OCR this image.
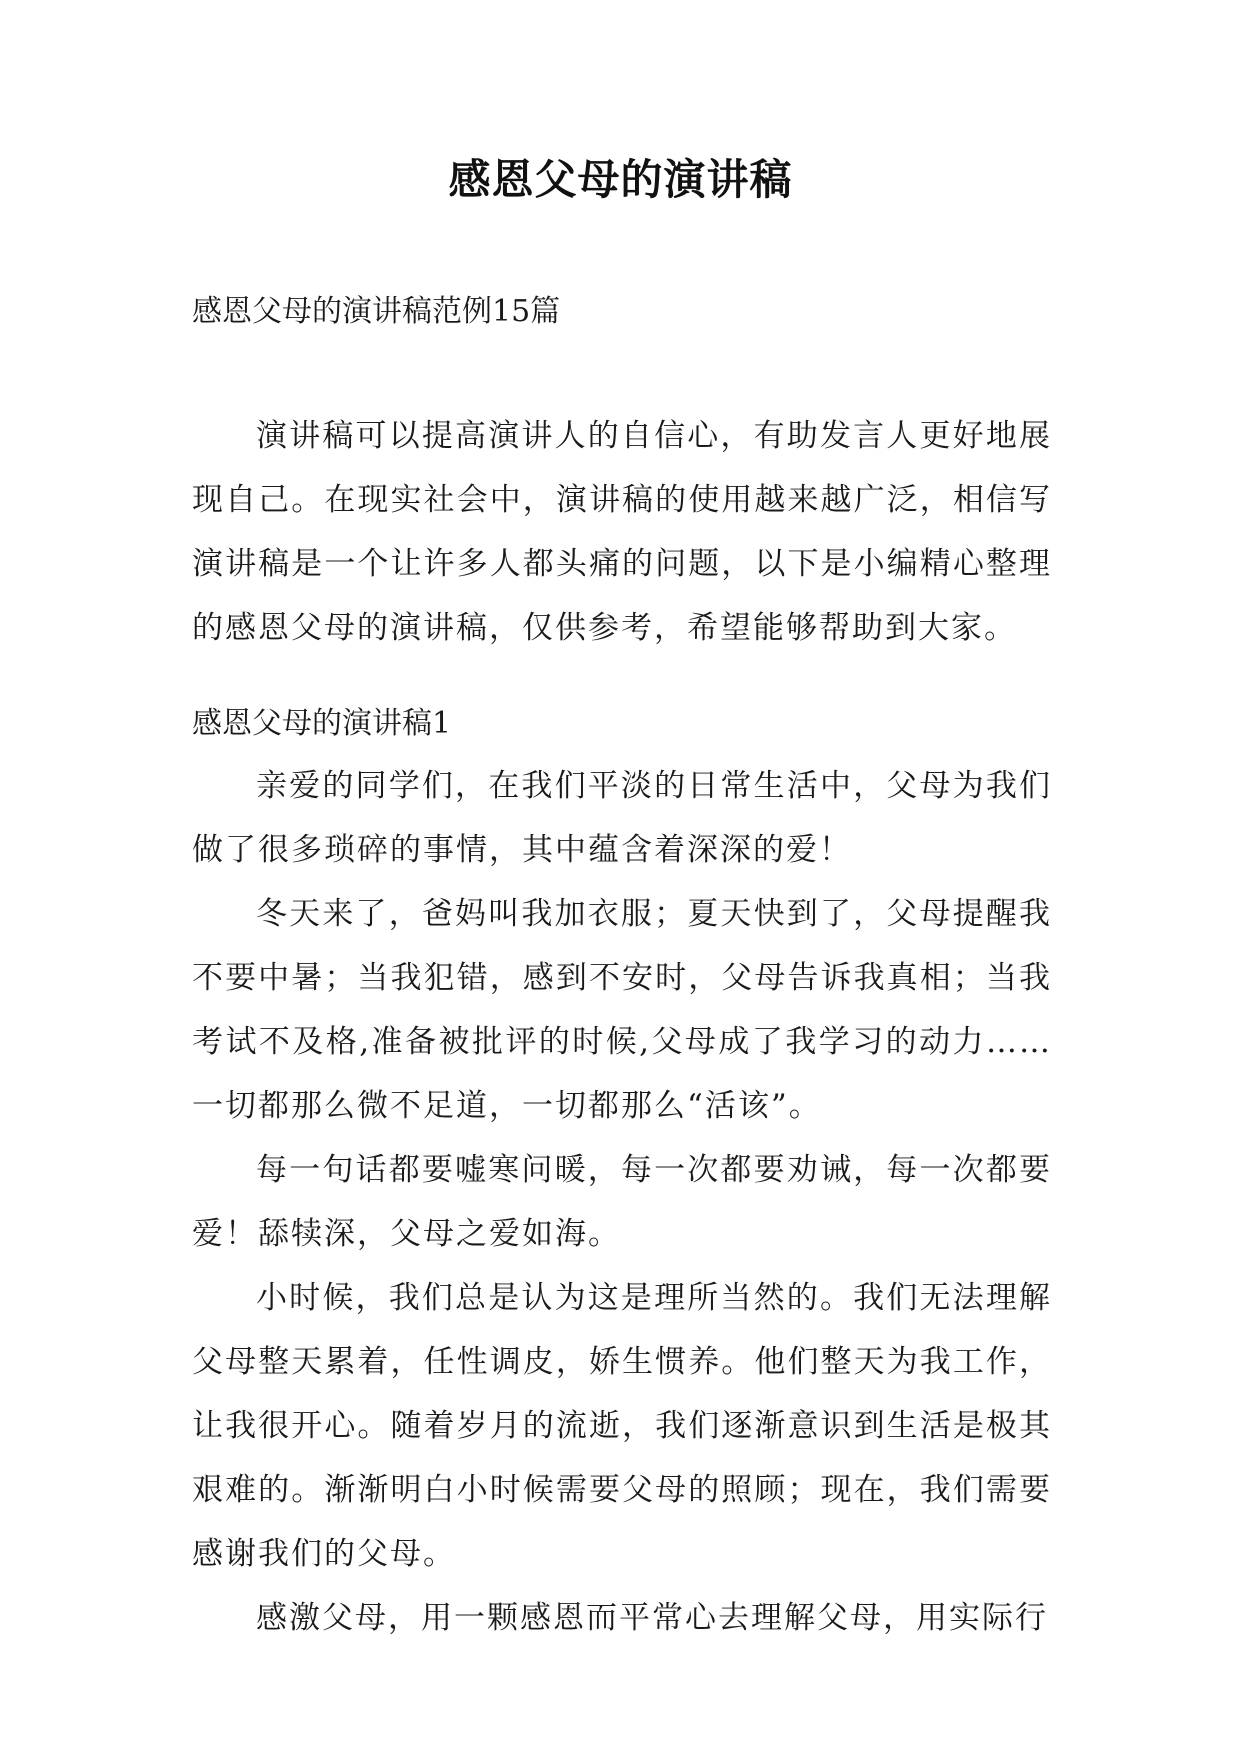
感恩父母的演讲稿
感恩父母的演讲稿范例15篇

演讲稿可以提高演讲人的自信心，有助发言人更好地展现自己。在现实社会中，演讲稿的使用越来越广泛，相信写演讲稿是一个让许多人都头痛的问题，以下是小编精心整理的感恩父母的演讲稿，仅供参考，希望能够帮助到大家。

感恩父母的演讲稿1

亲爱的同学们，在我们平淡的日常生活中，父母为我们做了很多琐碎的事情，其中蕴含着深深的爱！

冬天来了，爸妈叫我加衣服；夏天快到了，父母提醒我不要中暑；当我犯错，感到不安时，父母告诉我真相；当我考试不及格,准备被批评的时候,父母成了我学习的动力……一切都那么微不足道，一切都那么“活该”。

每一句话都要嘘寒问暖，每一次都要劝诫，每一次都要爱！舔犊深，父母之爱如海。

小时候，我们总是认为这是理所当然的。我们无法理解父母整天累着，任性调皮，娇生惯养。他们整天为我工作，让我很开心。随着岁月的流逝，我们逐渐意识到生活是极其艰难的。渐渐明白小时候需要父母的照顾；现在，我们需要感谢我们的父母。

感激父母，用一颗感恩而平常心去理解父母，用实际行
